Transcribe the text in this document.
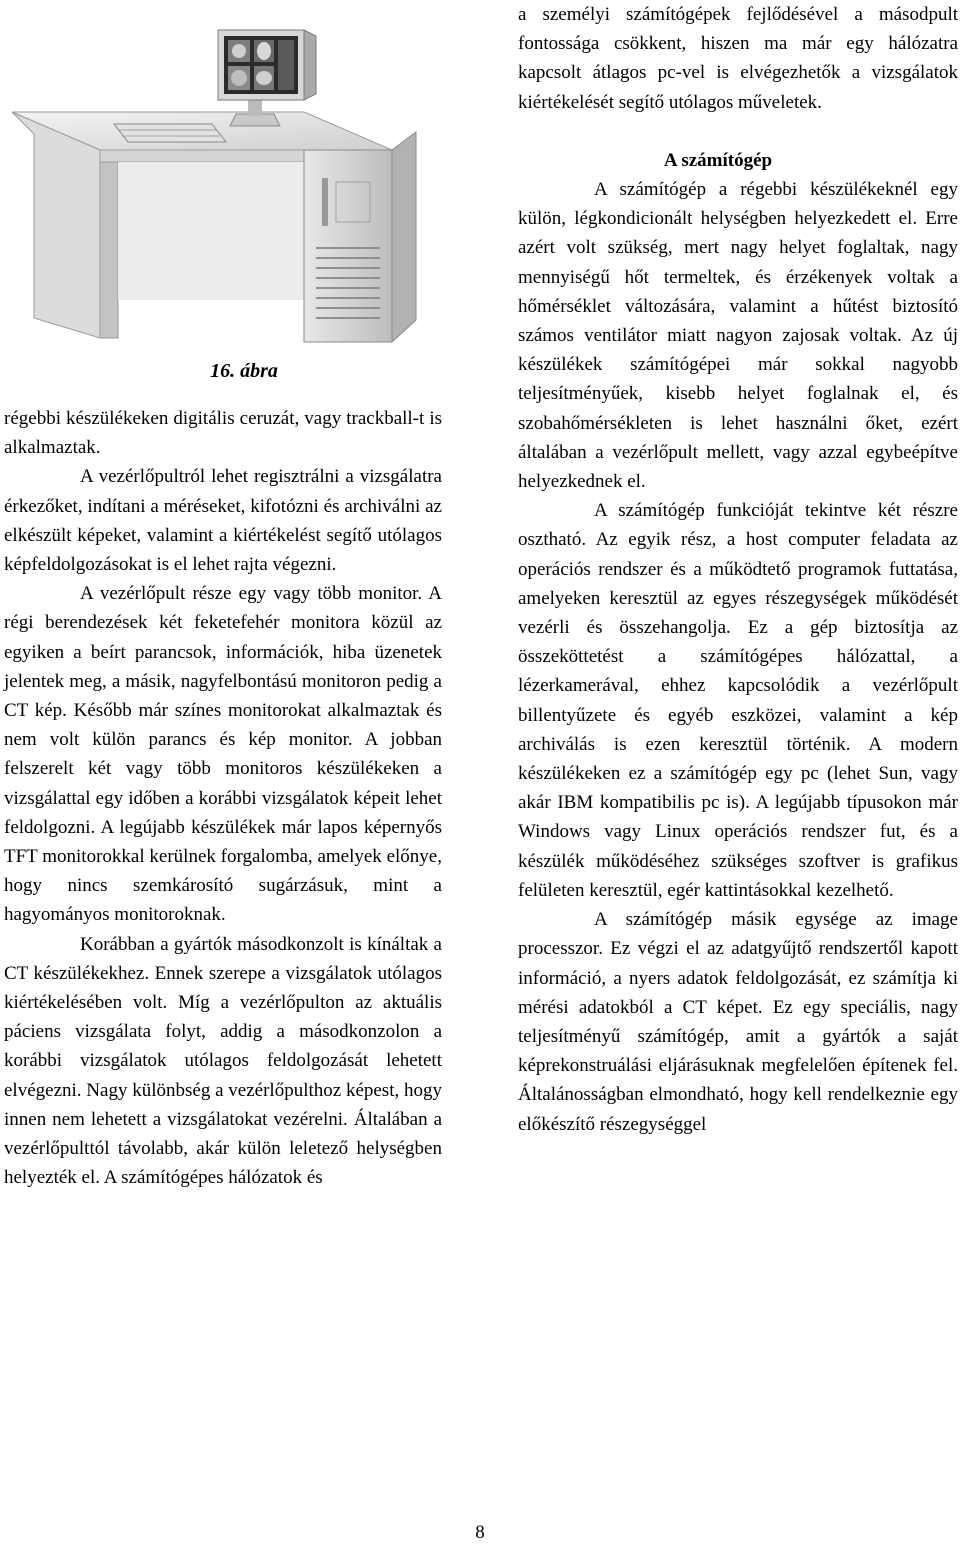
16. ábra

régebbi készülékeken digitális ceruzát, vagy trackball-t is alkalmaztak.

A vezérlőpultról lehet regisztrálni a vizsgálatra érkezőket, indítani a méréseket, kifotózni és archiválni az elkészült képeket, valamint a kiértékelést segítő utólagos képfeldolgozásokat is el lehet rajta végezni.

A vezérlőpult része egy vagy több monitor. A régi berendezések két feketefehér monitora közül az egyiken a beírt parancsok, információk, hiba üzenetek jelentek meg, a másik, nagyfelbontású monitoron pedig a CT kép. Később már színes monitorokat alkalmaztak és nem volt külön parancs és kép monitor. A jobban felszerelt két vagy több monitoros készülékeken a vizsgálattal egy időben a korábbi vizsgálatok képeit lehet feldolgozni. A legújabb készülékek már lapos képernyős TFT monitorokkal kerülnek forgalomba, amelyek előnye, hogy nincs szemkárosító sugárzásuk, mint a hagyományos monitoroknak.

Korábban a gyártók másodkonzolt is kínáltak a CT készülékekhez. Ennek szerepe a vizsgálatok utólagos kiértékelésében volt. Míg a vezérlőpulton az aktuális páciens vizsgálata folyt, addig a másodkonzolon a korábbi vizsgálatok utólagos feldolgozását lehetett elvégezni. Nagy különbség a vezérlőpulthoz képest, hogy innen nem lehetett a vizsgálatokat vezérelni. Általában a vezérlőpulttól távolabb, akár külön leletező helységben helyezték el. A számítógépes hálózatok és

a személyi számítógépek fejlődésével a másodpult fontossága csökkent, hiszen ma már egy hálózatra kapcsolt átlagos pc-vel is elvégezhetők a vizsgálatok kiértékelését segítő utólagos műveletek.

A számítógép

A számítógép a régebbi készülékeknél egy külön, légkondicionált helységben helyezkedett el. Erre azért volt szükség, mert nagy helyet foglaltak, nagy mennyiségű hőt termeltek, és érzékenyek voltak a hőmérséklet változására, valamint a hűtést biztosító számos ventilátor miatt nagyon zajosak voltak. Az új készülékek számítógépei már sokkal nagyobb teljesítményűek, kisebb helyet foglalnak el, és szobahőmérsékleten is lehet használni őket, ezért általában a vezérlőpult mellett, vagy azzal egybeépítve helyezkednek el.

A számítógép funkcióját tekintve két részre osztható. Az egyik rész, a host computer feladata az operációs rendszer és a működtető programok futtatása, amelyeken keresztül az egyes részegységek működését vezérli és összehangolja. Ez a gép biztosítja az összeköttetést a számítógépes hálózattal, a lézerkamerával, ehhez kapcsolódik a vezérlőpult billentyűzete és egyéb eszközei, valamint a kép archiválás is ezen keresztül történik. A modern készülékeken ez a számítógép egy pc (lehet Sun, vagy akár IBM kompatibilis pc is). A legújabb típusokon már Windows vagy Linux operációs rendszer fut, és a készülék működéséhez szükséges szoftver is grafikus felületen keresztül, egér kattintásokkal kezelhető.

A számítógép másik egysége az image processzor. Ez végzi el az adatgyűjtő rendszertől kapott információ, a nyers adatok feldolgozását, ez számítja ki mérési adatokból a CT képet. Ez egy speciális, nagy teljesítményű számítógép, amit a gyártók a saját képrekonstruálási eljárásuknak megfelelően építenek fel. Általánosságban elmondható, hogy kell rendelkeznie egy előkészítő részegységgel

8
